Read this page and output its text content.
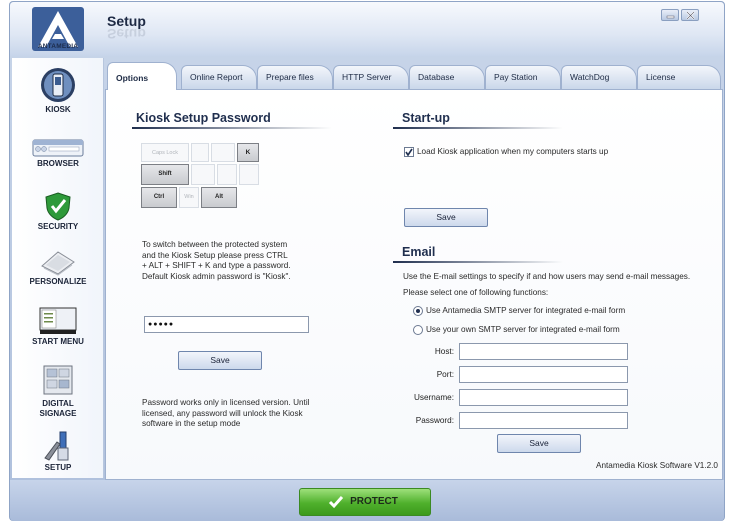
ANTAMEDIA
Setup
Setup
KIOSK
BROWSER
SECURITY
PERSONALIZE
START MENU
DIGITAL SIGNAGE
SETUP
Options	Online Report	Prepare files	HTTP Server	Database	Pay Station	WatchDog	License
Kiosk Setup Password
Caps Lock	K
Shift
Ctrl	Win	Alt
To switch between the protected system and the Kiosk Setup please press CTRL + ALT + SHIFT + K and type a password. Default Kiosk admin password is "Kiosk".
●●●●●
Save
Password works only in licensed version. Until licensed, any password will unlock the Kiosk software in the setup mode
Start-up
Load Kiosk application when my computers starts up
Save
Email
Use the E-mail settings to specify if and how users may send e-mail messages.
Please select one of following functions:
Use Antamedia SMTP server for integrated e-mail form
Use your own SMTP server for integrated e-mail form
Host:
Port:
Username:
Password:
Save
Antamedia Kiosk Software V1.2.0
PROTECT
